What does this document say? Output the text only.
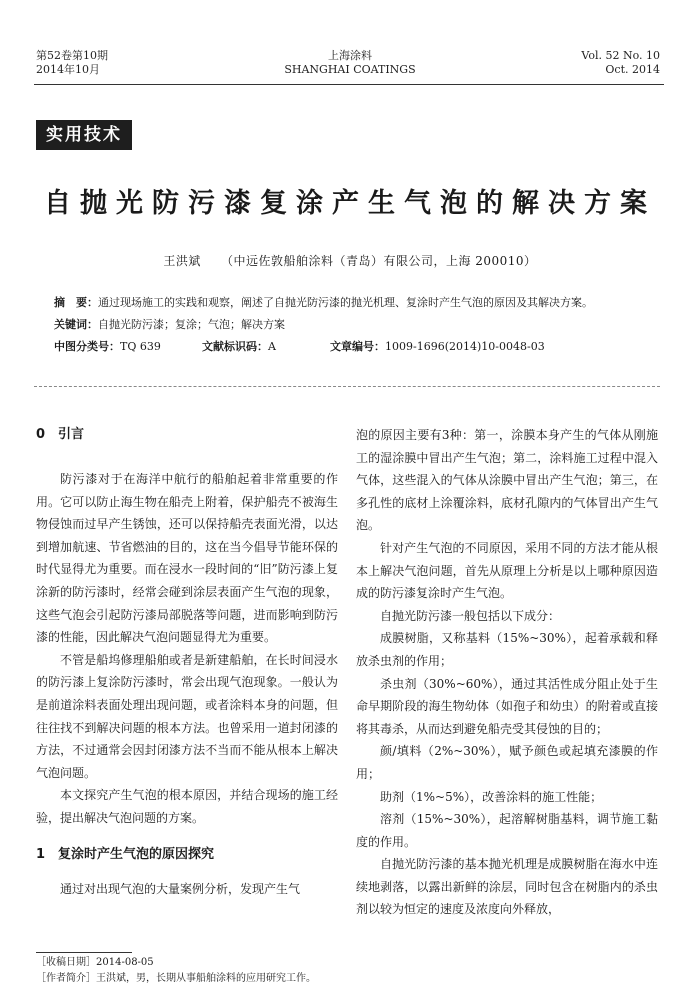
第52卷第10期
2014年10月
上海涂料
SHANGHAI COATINGS
Vol. 52 No. 10
Oct. 2014
实用技术
自抛光防污漆复涂产生气泡的解决方案
王洪斌 （中远佐敦船舶涂料（青岛）有限公司，上海 200010）

摘　要：通过现场施工的实践和观察，阐述了自抛光防污漆的抛光机理、复涂时产生气泡的原因及其解决方案。

关键词：自抛光防污漆；复涂；气泡；解决方案
中图分类号：TQ 639	文献标识码：A	文章编号：1009-1696(2014)10-0048-03
0　引言

防污漆对于在海洋中航行的船舶起着非常重要的作用。它可以防止海生物在船壳上附着，保护船壳不被海生物侵蚀而过早产生锈蚀，还可以保持船壳表面光滑，以达到增加航速、节省燃油的目的，这在当今倡导节能环保的时代显得尤为重要。而在浸水一段时间的“旧”防污漆上复涂新的防污漆时，经常会碰到涂层表面产生气泡的现象，这些气泡会引起防污漆局部脱落等问题，进而影响到防污漆的性能，因此解决气泡问题显得尤为重要。

不管是船坞修理船舶或者是新建船舶，在长时间浸水的防污漆上复涂防污漆时，常会出现气泡现象。一般认为是前道涂料表面处理出现问题，或者涂料本身的问题，但往往找不到解决问题的根本方法。也曾采用一道封闭漆的方法，不过通常会因封闭漆方法不当而不能从根本上解决气泡问题。

本文探究产生气泡的根本原因，并结合现场的施工经验，提出解决气泡问题的方案。

1　复涂时产生气泡的原因探究

通过对出现气泡的大量案例分析，发现产生气

泡的原因主要有3种：第一，涂膜本身产生的气体从刚施工的湿涂膜中冒出产生气泡；第二，涂料施工过程中混入气体，这些混入的气体从涂膜中冒出产生气泡；第三，在多孔性的底材上涂覆涂料，底材孔隙内的气体冒出产生气泡。

针对产生气泡的不同原因，采用不同的方法才能从根本上解决气泡问题，首先从原理上分析是以上哪种原因造成的防污漆复涂时产生气泡。

自抛光防污漆一般包括以下成分：

成膜树脂，又称基料（15%~30%），起着承载和释放杀虫剂的作用；

杀虫剂（30%~60%），通过其活性成分阻止处于生命早期阶段的海生物幼体（如孢子和幼虫）的附着或直接将其毒杀，从而达到避免船壳受其侵蚀的目的；

颜/填料（2%~30%），赋予颜色或起填充漆膜的作用；

助剂（1%~5%），改善涂料的施工性能；

溶剂（15%~30%），起溶解树脂基料，调节施工黏度的作用。

自抛光防污漆的基本抛光机理是成膜树脂在海水中连续地剥落，以露出新鲜的涂层，同时包含在树脂内的杀虫剂以较为恒定的速度及浓度向外释放，

［收稿日期］2014-08-05
［作者简介］王洪斌，男，长期从事船舶涂料的应用研究工作。
